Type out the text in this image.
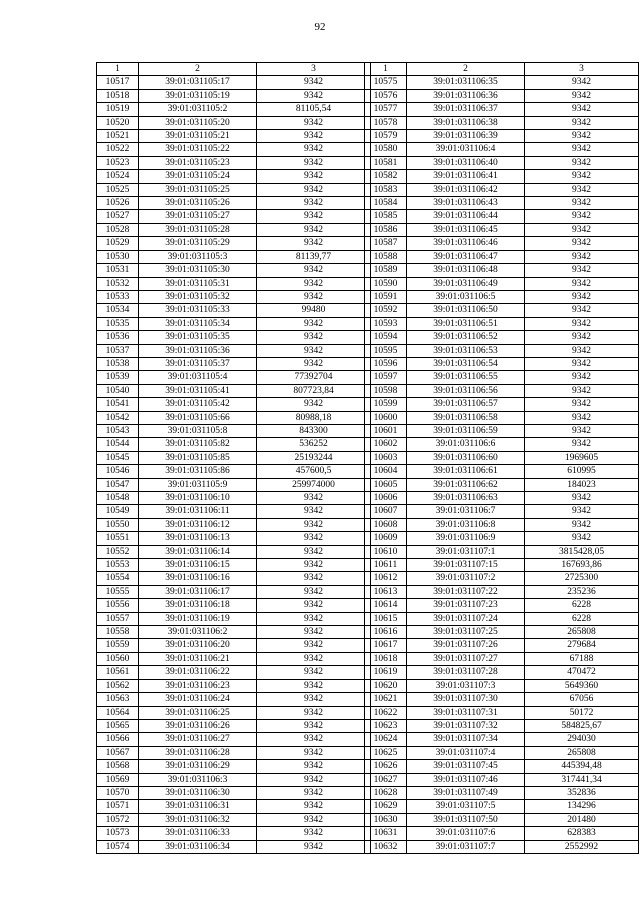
92
1	2	3
10517	39:01:031105:17	9342
10518	39:01:031105:19	9342
10519	39:01:031105:2	81105,54
10520	39:01:031105:20	9342
10521	39:01:031105:21	9342
10522	39:01:031105:22	9342
10523	39:01:031105:23	9342
10524	39:01:031105:24	9342
10525	39:01:031105:25	9342
10526	39:01:031105:26	9342
10527	39:01:031105:27	9342
10528	39:01:031105:28	9342
10529	39:01:031105:29	9342
10530	39:01:031105:3	81139,77
10531	39:01:031105:30	9342
10532	39:01:031105:31	9342
10533	39:01:031105:32	9342
10534	39:01:031105:33	99480
10535	39:01:031105:34	9342
10536	39:01:031105:35	9342
10537	39:01:031105:36	9342
10538	39:01:031105:37	9342
10539	39:01:031105:4	77392704
10540	39:01:031105:41	807723,84
10541	39:01:031105:42	9342
10542	39:01:031105:66	80988,18
10543	39:01:031105:8	843300
10544	39:01:031105:82	536252
10545	39:01:031105:85	25193244
10546	39:01:031105:86	457600,5
10547	39:01:031105:9	259974000
10548	39:01:031106:10	9342
10549	39:01:031106:11	9342
10550	39:01:031106:12	9342
10551	39:01:031106:13	9342
10552	39:01:031106:14	9342
10553	39:01:031106:15	9342
10554	39:01:031106:16	9342
10555	39:01:031106:17	9342
10556	39:01:031106:18	9342
10557	39:01:031106:19	9342
10558	39:01:031106:2	9342
10559	39:01:031106:20	9342
10560	39:01:031106:21	9342
10561	39:01:031106:22	9342
10562	39:01:031106:23	9342
10563	39:01:031106:24	9342
10564	39:01:031106:25	9342
10565	39:01:031106:26	9342
10566	39:01:031106:27	9342
10567	39:01:031106:28	9342
10568	39:01:031106:29	9342
10569	39:01:031106:3	9342
10570	39:01:031106:30	9342
10571	39:01:031106:31	9342
10572	39:01:031106:32	9342
10573	39:01:031106:33	9342
10574	39:01:031106:34	9342
1	2	3
10575	39:01:031106:35	9342
10576	39:01:031106:36	9342
10577	39:01:031106:37	9342
10578	39:01:031106:38	9342
10579	39:01:031106:39	9342
10580	39:01:031106:4	9342
10581	39:01:031106:40	9342
10582	39:01:031106:41	9342
10583	39:01:031106:42	9342
10584	39:01:031106:43	9342
10585	39:01:031106:44	9342
10586	39:01:031106:45	9342
10587	39:01:031106:46	9342
10588	39:01:031106:47	9342
10589	39:01:031106:48	9342
10590	39:01:031106:49	9342
10591	39:01:031106:5	9342
10592	39:01:031106:50	9342
10593	39:01:031106:51	9342
10594	39:01:031106:52	9342
10595	39:01:031106:53	9342
10596	39:01:031106:54	9342
10597	39:01:031106:55	9342
10598	39:01:031106:56	9342
10599	39:01:031106:57	9342
10600	39:01:031106:58	9342
10601	39:01:031106:59	9342
10602	39:01:031106:6	9342
10603	39:01:031106:60	1969605
10604	39:01:031106:61	610995
10605	39:01:031106:62	184023
10606	39:01:031106:63	9342
10607	39:01:031106:7	9342
10608	39:01:031106:8	9342
10609	39:01:031106:9	9342
10610	39:01:031107:1	3815428,05
10611	39:01:031107:15	167693,86
10612	39:01:031107:2	2725300
10613	39:01:031107:22	235236
10614	39:01:031107:23	6228
10615	39:01:031107:24	6228
10616	39:01:031107:25	265808
10617	39:01:031107:26	279684
10618	39:01:031107:27	67188
10619	39:01:031107:28	470472
10620	39:01:031107:3	5649360
10621	39:01:031107:30	67056
10622	39:01:031107:31	50172
10623	39:01:031107:32	584825,67
10624	39:01:031107:34	294030
10625	39:01:031107:4	265808
10626	39:01:031107:45	445394,48
10627	39:01:031107:46	317441,34
10628	39:01:031107:49	352836
10629	39:01:031107:5	134296
10630	39:01:031107:50	201480
10631	39:01:031107:6	628383
10632	39:01:031107:7	2552992
